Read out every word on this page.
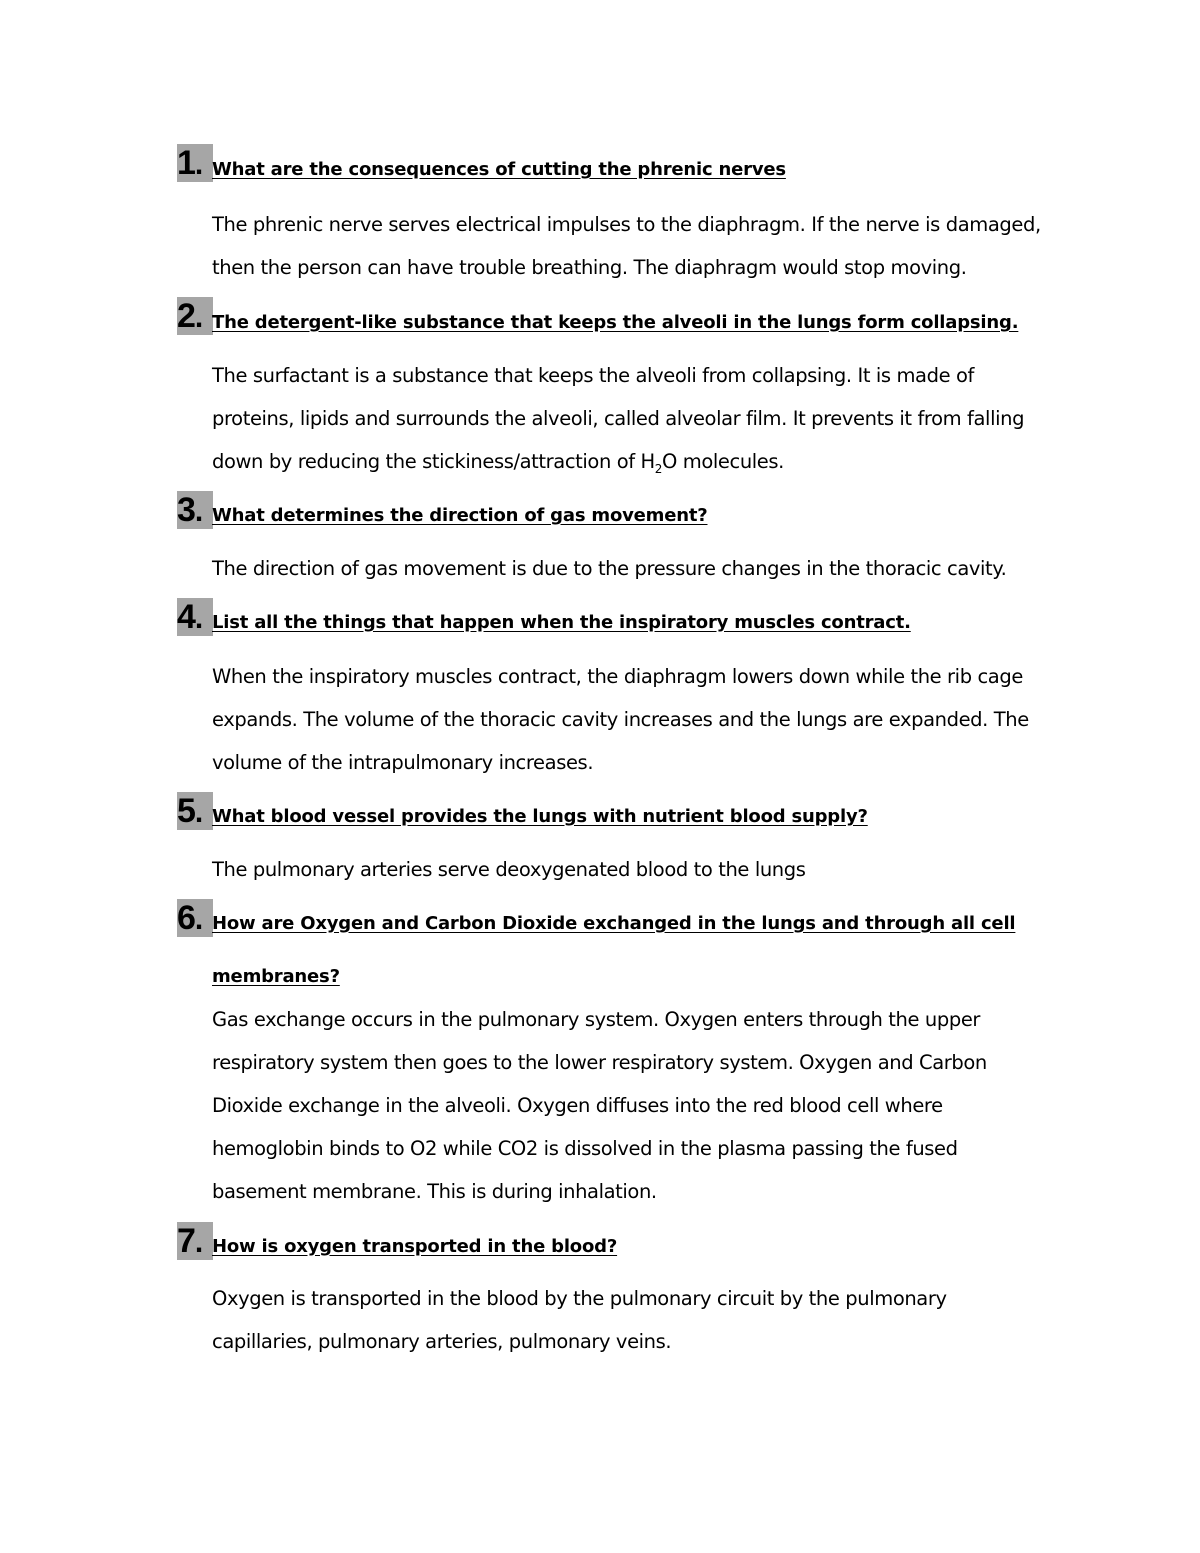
1. What are the consequences of cutting the phrenic nerves
The phrenic nerve serves electrical impulses to the diaphragm. If the nerve is damaged,
then the person can have trouble breathing. The diaphragm would stop moving.
2. The detergent-like substance that keeps the alveoli in the lungs form collapsing.
The surfactant is a substance that keeps the alveoli from collapsing. It is made of
proteins, lipids and surrounds the alveoli, called alveolar film. It prevents it from falling
down by reducing the stickiness/attraction of $H_2O$ molecules.
3. What determines the direction of gas movement?
The direction of gas movement is due to the pressure changes in the thoracic cavity.
4. List all the things that happen when the inspiratory muscles contract.
When the inspiratory muscles contract, the diaphragm lowers down while the rib cage
expands. The volume of the thoracic cavity increases and the lungs are expanded. The
volume of the intrapulmonary increases.
5. What blood vessel provides the lungs with nutrient blood supply?
The pulmonary arteries serve deoxygenated blood to the lungs
6. How are Oxygen and Carbon Dioxide exchanged in the lungs and through all cell
membranes?
Gas exchange occurs in the pulmonary system. Oxygen enters through the upper
respiratory system then goes to the lower respiratory system. Oxygen and Carbon
Dioxide exchange in the alveoli. Oxygen diffuses into the red blood cell where
hemoglobin binds to O2 while CO2 is dissolved in the plasma passing the fused
basement membrane. This is during inhalation.
7. How is oxygen transported in the blood?
Oxygen is transported in the blood by the pulmonary circuit by the pulmonary
capillaries, pulmonary arteries, pulmonary veins.
